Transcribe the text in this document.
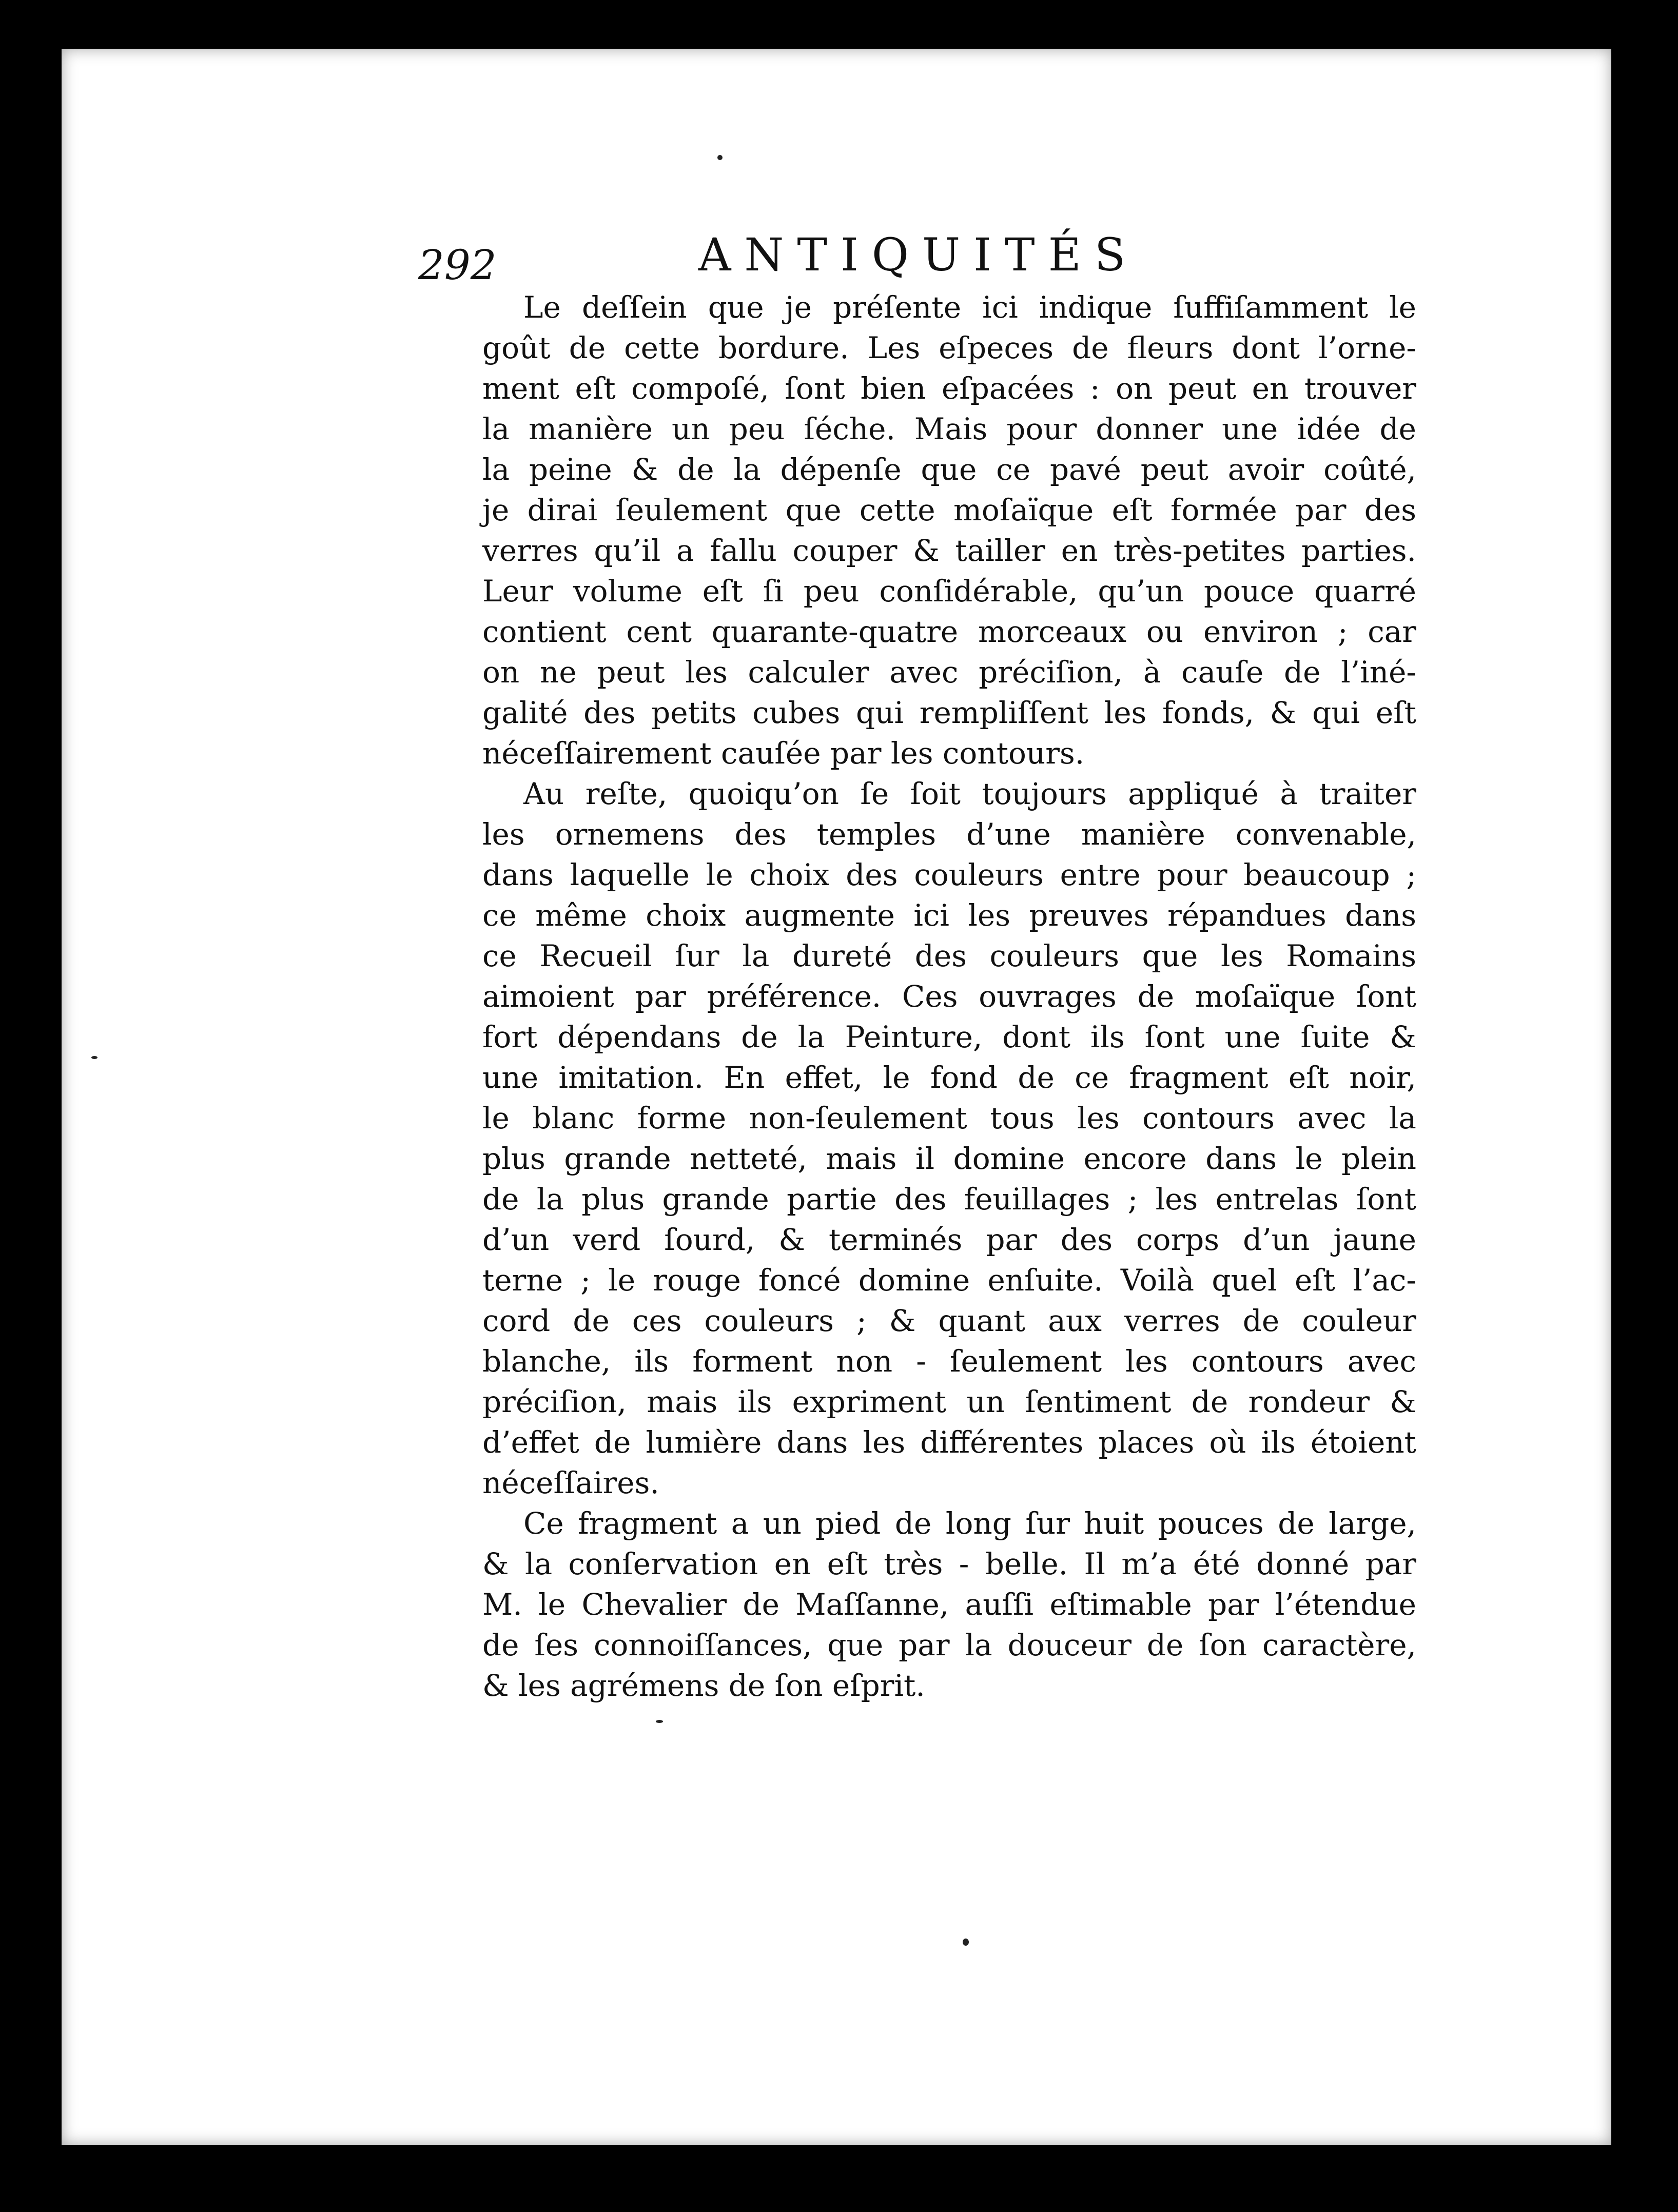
292	ANTIQUITÉS
Le deſſein que je préſente ici indique ſuffiſamment le
goût de cette bordure. Les eſpeces de fleurs dont l’orne-
ment eſt compoſé, ſont bien eſpacées : on peut en trouver
la manière un peu ſéche. Mais pour donner une idée de
la peine & de la dépenſe que ce pavé peut avoir coûté,
je dirai ſeulement que cette moſaïque eſt formée par des
verres qu’il a fallu couper & tailler en très-petites parties.
Leur volume eſt ſi peu conſidérable, qu’un pouce quarré
contient cent quarante-quatre morceaux ou environ ; car
on ne peut les calculer avec préciſion, à cauſe de l’iné-
galité des petits cubes qui rempliſſent les fonds, & qui eſt
néceſſairement cauſée par les contours.
Au reſte, quoiqu’on ſe ſoit toujours appliqué à traiter
les ornemens des temples d’une manière convenable,
dans laquelle le choix des couleurs entre pour beaucoup ;
ce même choix augmente ici les preuves répandues dans
ce Recueil ſur la dureté des couleurs que les Romains
aimoient par préférence. Ces ouvrages de moſaïque ſont
fort dépendans de la Peinture, dont ils ſont une ſuite &
une imitation. En effet, le fond de ce fragment eſt noir,
le blanc forme non-ſeulement tous les contours avec la
plus grande netteté, mais il domine encore dans le plein
de la plus grande partie des feuillages ; les entrelas ſont
d’un verd ſourd, & terminés par des corps d’un jaune
terne ; le rouge foncé domine enſuite. Voilà quel eſt l’ac-
cord de ces couleurs ; & quant aux verres de couleur
blanche, ils forment non - ſeulement les contours avec
préciſion, mais ils expriment un ſentiment de rondeur &
d’effet de lumière dans les différentes places où ils étoient
néceſſaires.
Ce fragment a un pied de long ſur huit pouces de large,
& la conſervation en eſt très - belle. Il m’a été donné par
M. le Chevalier de Maſſanne, auſſi eſtimable par l’étendue
de ſes connoiſſances, que par la douceur de ſon caractère,
& les agrémens de ſon eſprit.
